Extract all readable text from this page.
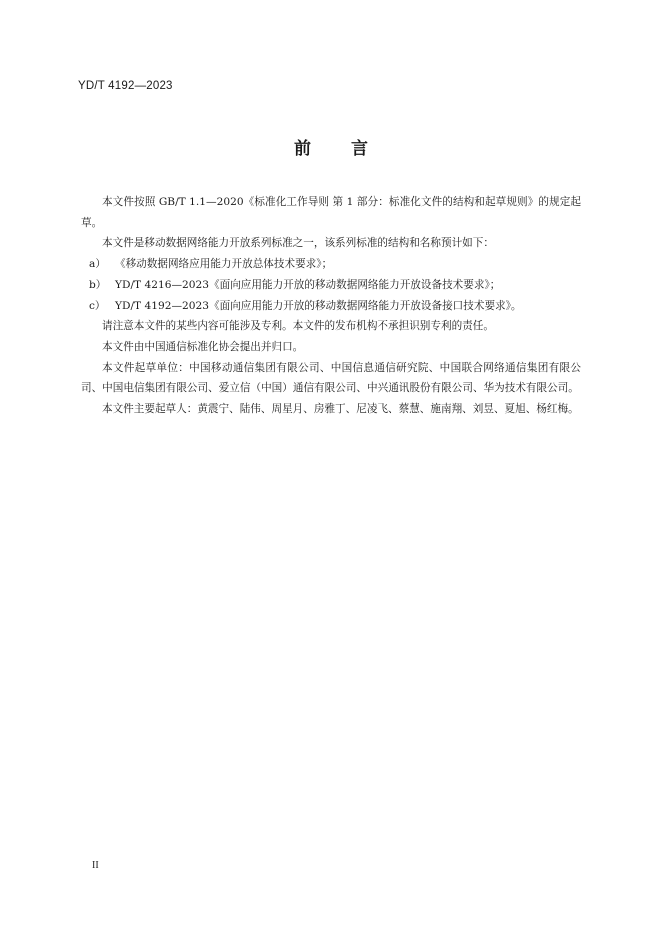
YD/T 4192—2023
前 言

本文件按照 GB/T 1.1—2020《标准化工作导则 第 1 部分：标准化文件的结构和起草规则》的规定起草。

本文件是移动数据网络能力开放系列标准之一，该系列标准的结构和名称预计如下：

a） 《移动数据网络应用能力开放总体技术要求》；

b） YD/T 4216—2023《面向应用能力开放的移动数据网络能力开放设备技术要求》；

c） YD/T 4192—2023《面向应用能力开放的移动数据网络能力开放设备接口技术要求》。

请注意本文件的某些内容可能涉及专利。本文件的发布机构不承担识别专利的责任。

本文件由中国通信标准化协会提出并归口。

本文件起草单位：中国移动通信集团有限公司、中国信息通信研究院、中国联合网络通信集团有限公司、中国电信集团有限公司、爱立信（中国）通信有限公司、中兴通讯股份有限公司、华为技术有限公司。

本文件主要起草人：黄震宁、陆伟、周星月、房雅丁、尼凌飞、蔡慧、施南翔、刘昱、夏旭、杨红梅。

II
